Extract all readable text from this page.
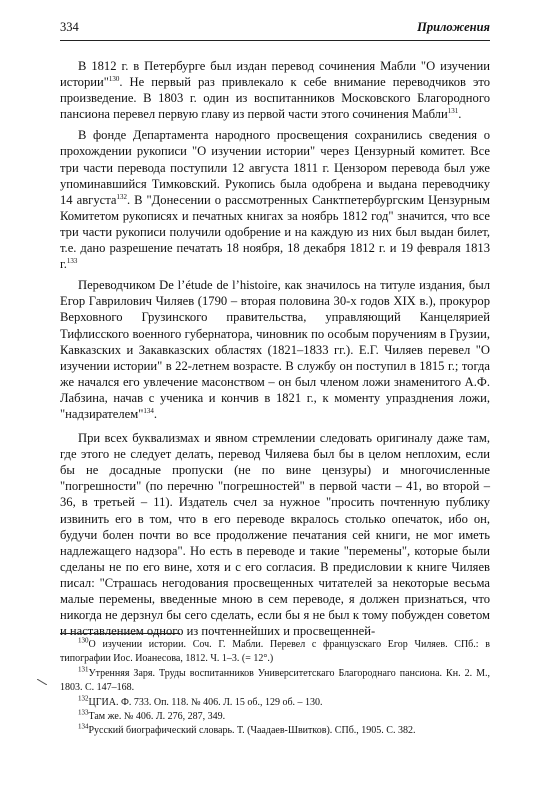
334	Приложения

В 1812 г. в Петербурге был издан перевод сочинения Мабли "О изучении истории"$^{130}$. Не первый раз привлекало к себе внимание переводчиков это произведение. В 1803 г. один из воспитанников Московского Благородного пансиона перевел первую главу из первой части этого сочинения Мабли$^{131}$.

В фонде Департамента народного просвещения сохранились сведения о прохождении рукописи "О изучении истории" через Цензурный комитет. Все три части перевода поступили 12 августа 1811 г. Цензором перевода был уже упоминавшийся Тимковский. Рукопись была одобрена и выдана переводчику 14 августа$^{132}$. В "Донесении о рассмотренных Санктпетербургским Цензурным Комитетом рукописях и печатных книгах за ноябрь 1812 год" значится, что все три части рукописи получили одобрение и на каждую из них был выдан билет, т.е. дано разрешение печатать 18 ноября, 18 декабря 1812 г. и 19 февраля 1813 г.$^{133}$

Переводчиком De l’étude de l’histoire, как значилось на титуле издания, был Егор Гаврилович Чиляев (1790 – вторая половина 30-х годов XIX в.), прокурор Верховного Грузинского правительства, управляющий Канцелярией Тифлисского военного губернатора, чиновник по особым поручениям в Грузии, Кавказских и Закавказских областях (1821–1833 гг.). Е.Г. Чиляев перевел "О изучении истории" в 22-летнем возрасте. В службу он поступил в 1815 г.; тогда же начался его увлечение масонством – он был членом ложи знаменитого А.Ф. Лабзина, начав с ученика и кончив в 1821 г., к моменту упразднения ложи, "надзирателем"$^{134}$.

При всех буквализмах и явном стремлении следовать оригиналу даже там, где этого не следует делать, перевод Чиляева был бы в целом неплохим, если бы не досадные пропуски (не по вине цензуры) и многочисленные "погрешности" (по перечню "погрешностей" в первой части – 41, во второй – 36, в третьей – 11). Издатель счел за нужное "просить почтенную публику извинить его в том, что в его переводе вкралось столько опечаток, ибо он, будучи болен почти во все продолжение печатания сей книги, не мог иметь надлежащего надзора". Но есть в переводе и такие "перемены", которые были сделаны не по его вине, хотя и с его согласия. В предисловии к книге Чиляев писал: "Страшась негодования просвещенных читателей за некоторые весьма малые перемены, введенные мною в сем переводе, я должен признаться, что никогда не дерзнул бы сего сделать, если бы я не был к тому побужден советом и наставлением одного из почтеннейших и просвещенней-

$^{130}$О изучении истории. Соч. Г. Мабли. Перевел с французскаго Егор Чиляев. СПб.: в типографии Иос. Иоанесова, 1812. Ч. 1–3. (= 12°.)
$^{131}$Утренняя Заря. Труды воспитанников Университетскаго Благороднаго пансиона. Кн. 2. М., 1803. С. 147–168.
$^{132}$ЦГИА. Ф. 733. Оп. 118. № 406. Л. 15 об., 129 об. – 130.
$^{133}$Там же. № 406. Л. 276, 287, 349.
$^{134}$Русский биографический словарь. Т. (Чаадаев-Швитков). СПб., 1905. С. 382.
